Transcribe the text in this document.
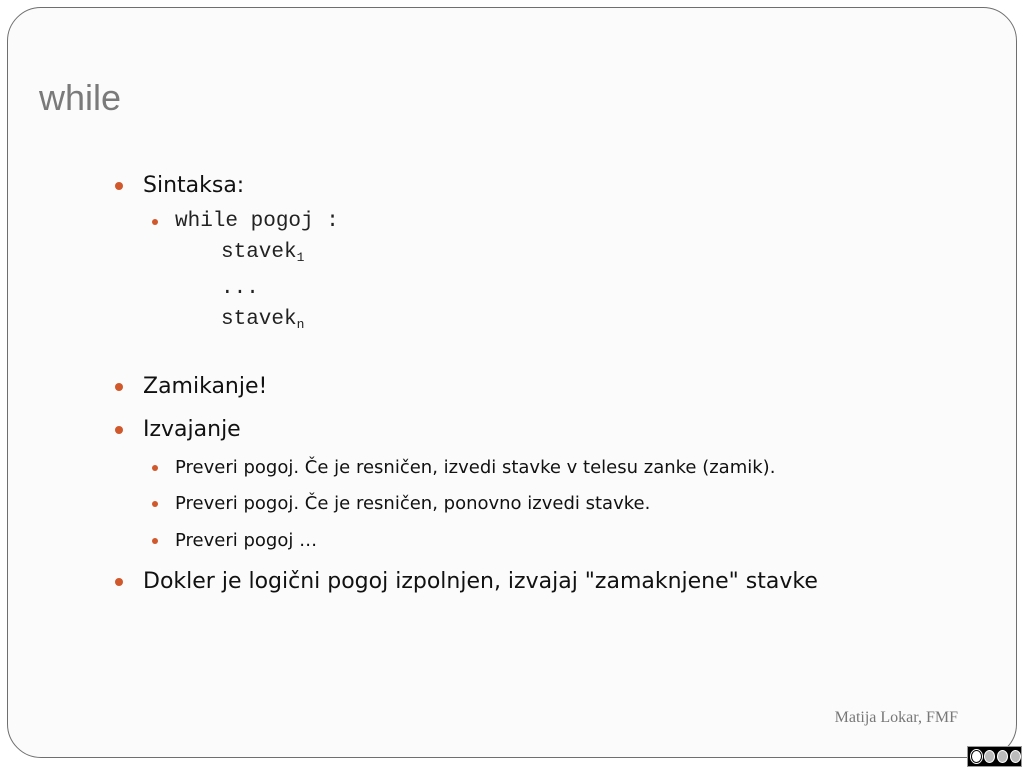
while
Sintaksa:
while pogoj :
stavek$_1$
...
stavek$_n$
Zamikanje!
Izvajanje
Preveri pogoj. Če je resničen, izvedi stavke v telesu zanke (zamik).
Preveri pogoj. Če je resničen, ponovno izvedi stavke.
Preveri pogoj …
Dokler je logični pogoj izpolnjen, izvajaj "zamaknjene" stavke
Matija Lokar, FMF
